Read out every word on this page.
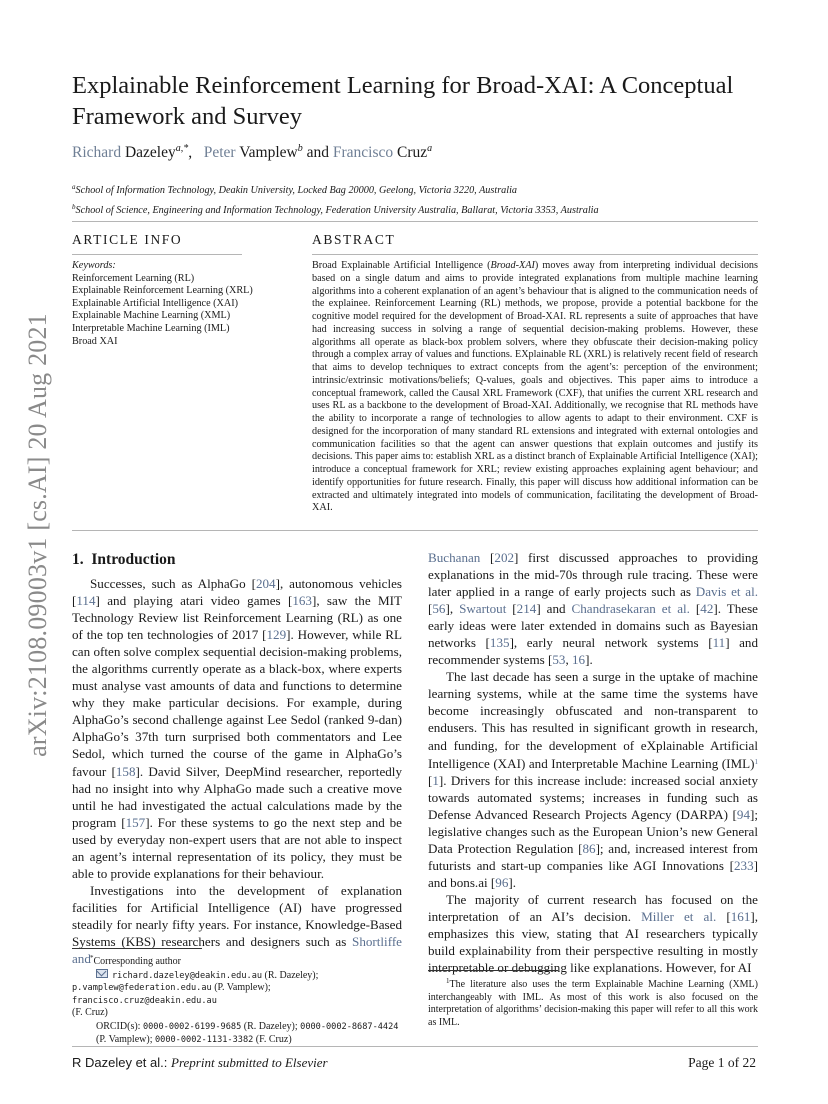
arXiv:2108.09003v1 [cs.AI] 20 Aug 2021
Explainable Reinforcement Learning for Broad-XAI: A Conceptual Framework and Survey
Richard Dazeley$^{a,*}$,   Peter Vamplew$^b$ and Francisco Cruz$^a$
$^a$School of Information Technology, Deakin University, Locked Bag 20000, Geelong, Victoria 3220, Australia
$^b$School of Science, Engineering and Information Technology, Federation University Australia, Ballarat, Victoria 3353, Australia
ARTICLE INFO
Keywords:
Reinforcement Learning (RL)
Explainable Reinforcement Learning (XRL)
Explainable Artificial Intelligence (XAI)
Explainable Machine Learning (XML)
Interpretable Machine Learning (IML)
Broad XAI
ABSTRACT
Broad Explainable Artificial Intelligence (Broad-XAI) moves away from interpreting individual decisions based on a single datum and aims to provide integrated explanations from multiple machine learning algorithms into a coherent explanation of an agent’s behaviour that is aligned to the communication needs of the explainee. Reinforcement Learning (RL) methods, we propose, provide a potential backbone for the cognitive model required for the development of Broad-XAI. RL represents a suite of approaches that have had increasing success in solving a range of sequential decision-making problems. However, these algorithms all operate as black-box problem solvers, where they obfuscate their decision-making policy through a complex array of values and functions. EXplainable RL (XRL) is relatively recent field of research that aims to develop techniques to extract concepts from the agent’s: perception of the environment; intrinsic/extrinsic motivations/beliefs; Q-values, goals and objectives. This paper aims to introduce a conceptual framework, called the Causal XRL Framework (CXF), that unifies the current XRL research and uses RL as a backbone to the development of Broad-XAI. Additionally, we recognise that RL methods have the ability to incorporate a range of technologies to allow agents to adapt to their environment. CXF is designed for the incorporation of many standard RL extensions and integrated with external ontologies and communication facilities so that the agent can answer questions that explain outcomes and justify its decisions. This paper aims to: establish XRL as a distinct branch of Explainable Artificial Intelligence (XAI); introduce a conceptual framework for XRL; review existing approaches explaining agent behaviour; and identify opportunities for future research. Finally, this paper will discuss how additional information can be extracted and ultimately integrated into models of communication, facilitating the development of Broad-XAI.
1. Introduction

Successes, such as AlphaGo [204], autonomous vehicles [114] and playing atari video games [163], saw the MIT Technology Review list Reinforcement Learning (RL) as one of the top ten technologies of 2017 [129]. However, while RL can often solve complex sequential decision-making problems, the algorithms currently operate as a black-box, where experts must analyse vast amounts of data and functions to determine why they make particular decisions. For example, during AlphaGo’s second challenge against Lee Sedol (ranked 9-dan) AlphaGo’s 37th turn surprised both commentators and Lee Sedol, which turned the course of the game in AlphaGo’s favour [158]. David Silver, DeepMind researcher, reportedly had no insight into why AlphaGo made such a creative move until he had investigated the actual calculations made by the program [157]. For these systems to go the next step and be used by everyday non-expert users that are not able to inspect an agent’s internal representation of its policy, they must be able to provide explanations for their behaviour.

Investigations into the development of explanation facilities for Artificial Intelligence (AI) have progressed steadily for nearly fifty years. For instance, Knowledge-Based Systems (KBS) researchers and designers such as Shortliffe and *Corresponding author
richard.dazeley@deakin.edu.au (R. Dazeley);
p.vamplew@federation.edu.au (P. Vamplew); francisco.cruz@deakin.edu.au
(F. Cruz)
ORCID(s): 0000-0002-6199-9685 (R. Dazeley); 0000-0002-8687-4424 (P. Vamplew); 0000-0002-1131-3382 (F. Cruz)

Buchanan [202] first discussed approaches to providing explanations in the mid-70s through rule tracing. These were later applied in a range of early projects such as Davis et al. [56], Swartout [214] and Chandrasekaran et al. [42]. These early ideas were later extended in domains such as Bayesian networks [135], early neural network systems [11] and recommender systems [53, 16].

The last decade has seen a surge in the uptake of machine learning systems, while at the same time the systems have become increasingly obfuscated and non-transparent to endusers. This has resulted in significant growth in research, and funding, for the development of eXplainable Artificial Intelligence (XAI) and Interpretable Machine Learning (IML)$^1$ [1]. Drivers for this increase include: increased social anxiety towards automated systems; increases in funding such as Defense Advanced Research Projects Agency (DARPA) [94]; legislative changes such as the European Union’s new General Data Protection Regulation [86]; and, increased interest from futurists and start-up companies like AGI Innovations [233] and bons.ai [96].

The majority of current research has focused on the interpretation of an AI’s decision. Miller et al. [161], emphasizes this view, stating that AI researchers typically build explainability from their perspective resulting in mostly interpretable or debugging like explanations. However, for AI

$^1$The literature also uses the term Explainable Machine Learning (XML) interchangeably with IML. As most of this work is also focused on the interpretation of algorithms’ decision-making this paper will refer to all this work as IML.
R Dazeley et al.: Preprint submitted to Elsevier	Page 1 of 22
